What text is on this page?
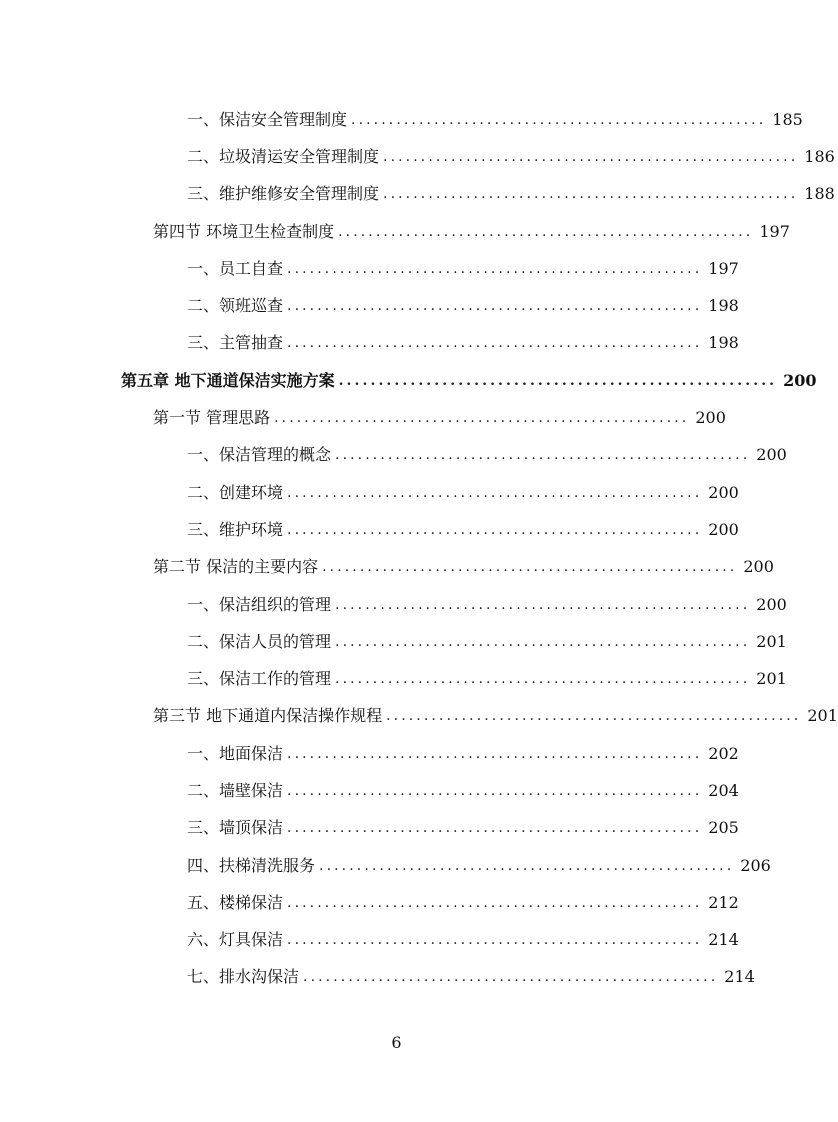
一、保洁安全管理制度 ....................................................... 185
二、垃圾清运安全管理制度 ....................................................... 186
三、维护维修安全管理制度 ....................................................... 188
第四节 环境卫生检查制度 ....................................................... 197
一、员工自查 ....................................................... 197
二、领班巡查 ....................................................... 198
三、主管抽查 ....................................................... 198
第五章 地下通道保洁实施方案 ....................................................... 200
第一节 管理思路 ....................................................... 200
一、保洁管理的概念 ....................................................... 200
二、创建环境 ....................................................... 200
三、维护环境 ....................................................... 200
第二节 保洁的主要内容 ....................................................... 200
一、保洁组织的管理 ....................................................... 200
二、保洁人员的管理 ....................................................... 201
三、保洁工作的管理 ....................................................... 201
第三节 地下通道内保洁操作规程 ....................................................... 201
一、地面保洁 ....................................................... 202
二、墙壁保洁 ....................................................... 204
三、墙顶保洁 ....................................................... 205
四、扶梯清洗服务 ....................................................... 206
五、楼梯保洁 ....................................................... 212
六、灯具保洁 ....................................................... 214
七、排水沟保洁 ....................................................... 214
6
